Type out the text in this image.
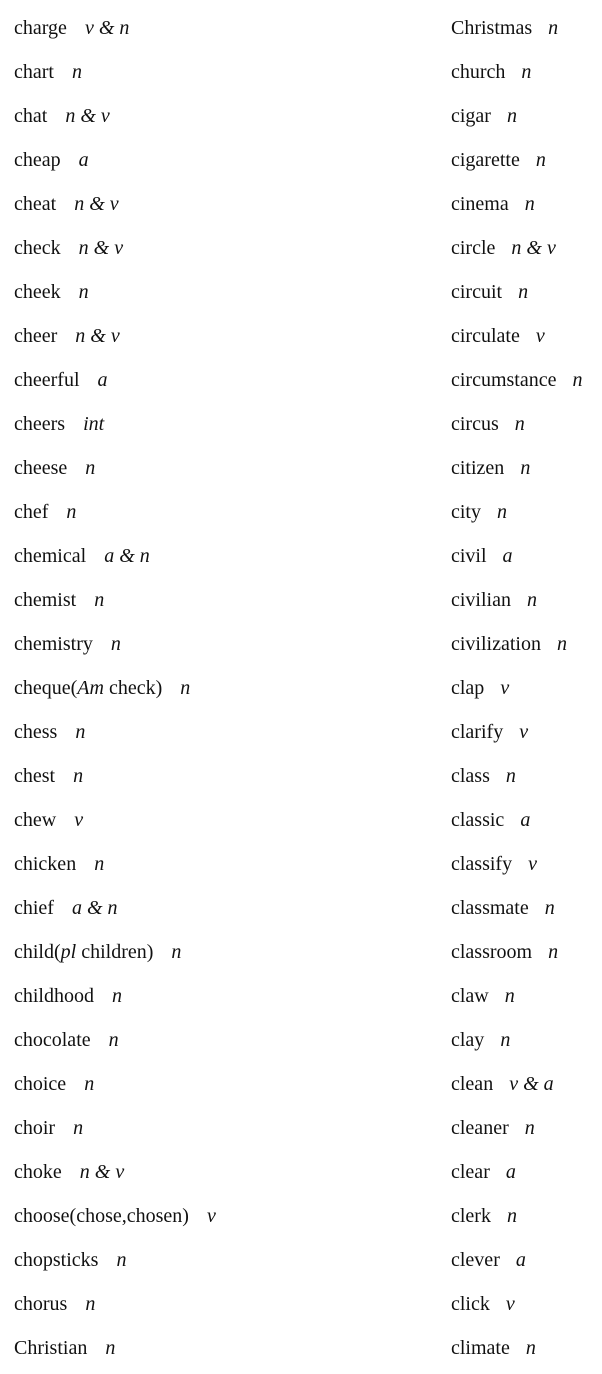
charge v & n
chart n
chat n & v
cheap a
cheat n & v
check n & v
cheek n
cheer n & v
cheerful a
cheers int
cheese n
chef n
chemical a & n
chemist n
chemistry n
cheque(Am check) n
chess n
chest n
chew v
chicken n
chief a & n
child(pl children) n
childhood n
chocolate n
choice n
choir n
choke n & v
choose(chose,chosen) v
chopsticks n
chorus n
Christian n
Christmas n
church n
cigar n
cigarette n
cinema n
circle n & v
circuit n
circulate v
circumstance n
circus n
citizen n
city n
civil a
civilian n
civilization n
clap v
clarify v
class n
classic a
classify v
classmate n
classroom n
claw n
clay n
clean v & a
cleaner n
clear a
clerk n
clever a
click v
climate n
